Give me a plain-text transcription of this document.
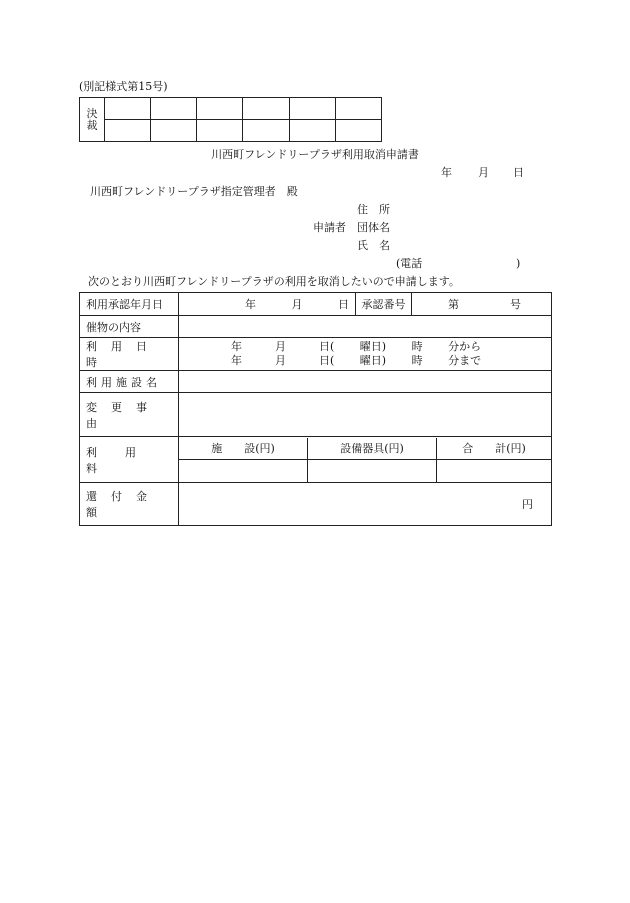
(別記様式第15号)
決裁						

川西町フレンドリープラザ利用取消申請書
年 月 日
川西町フレンドリープラザ指定管理者　殿
住　所
申請者 団体名
氏　名
(電話	)
次のとおり川西町フレンドリープラザの利用を取消したいので申請します。
利用承認年月日	年	月	日	承認番号	第	号

催物の内容

利用日時	
年　　　月　　　日(　　 曜日)　　 時　　 分から
年　　　月　　　日(　　 曜日)　　 時　　 分まで

利用施設名	
変更事由	
利用料	
施　　設(円)	設備器具(円)	合　　計(円)

還付金額	円
